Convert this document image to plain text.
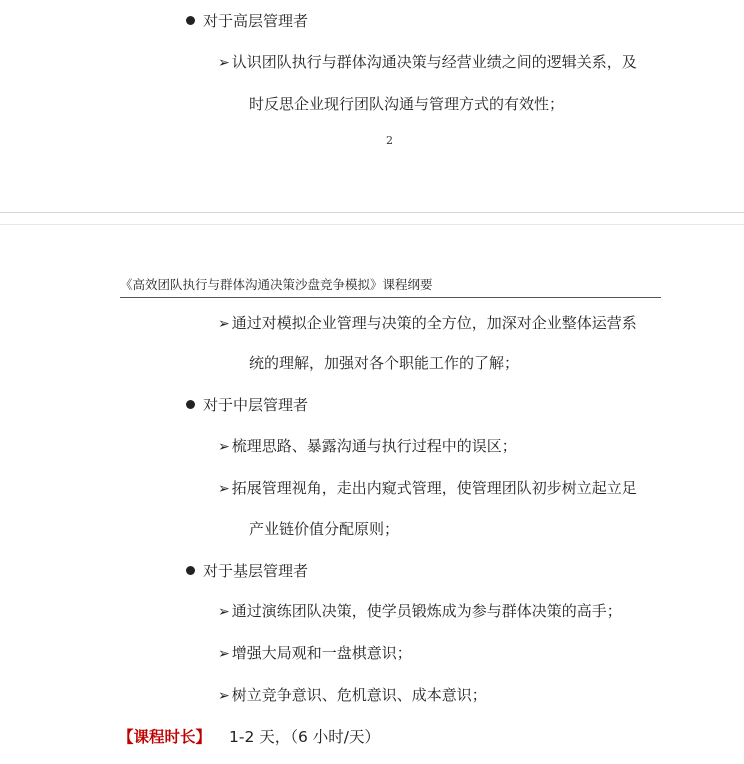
对于高层管理者
➢ 认识团队执行与群体沟通决策与经营业绩之间的逻辑关系，及
时反思企业现行团队沟通与管理方式的有效性；
2
《高效团队执行与群体沟通决策沙盘竞争模拟》课程纲要
➢ 通过对模拟企业管理与决策的全方位，加深对企业整体运营系
统的理解，加强对各个职能工作的了解；
对于中层管理者
➢ 梳理思路、暴露沟通与执行过程中的误区；
➢ 拓展管理视角，走出内窥式管理，使管理团队初步树立起立足
产业链价值分配原则；
对于基层管理者
➢ 通过演练团队决策，使学员锻炼成为参与群体决策的高手；
➢ 增强大局观和一盘棋意识；
➢ 树立竞争意识、危机意识、成本意识；
【课程时长】 1-2 天，（6 小时/天）
